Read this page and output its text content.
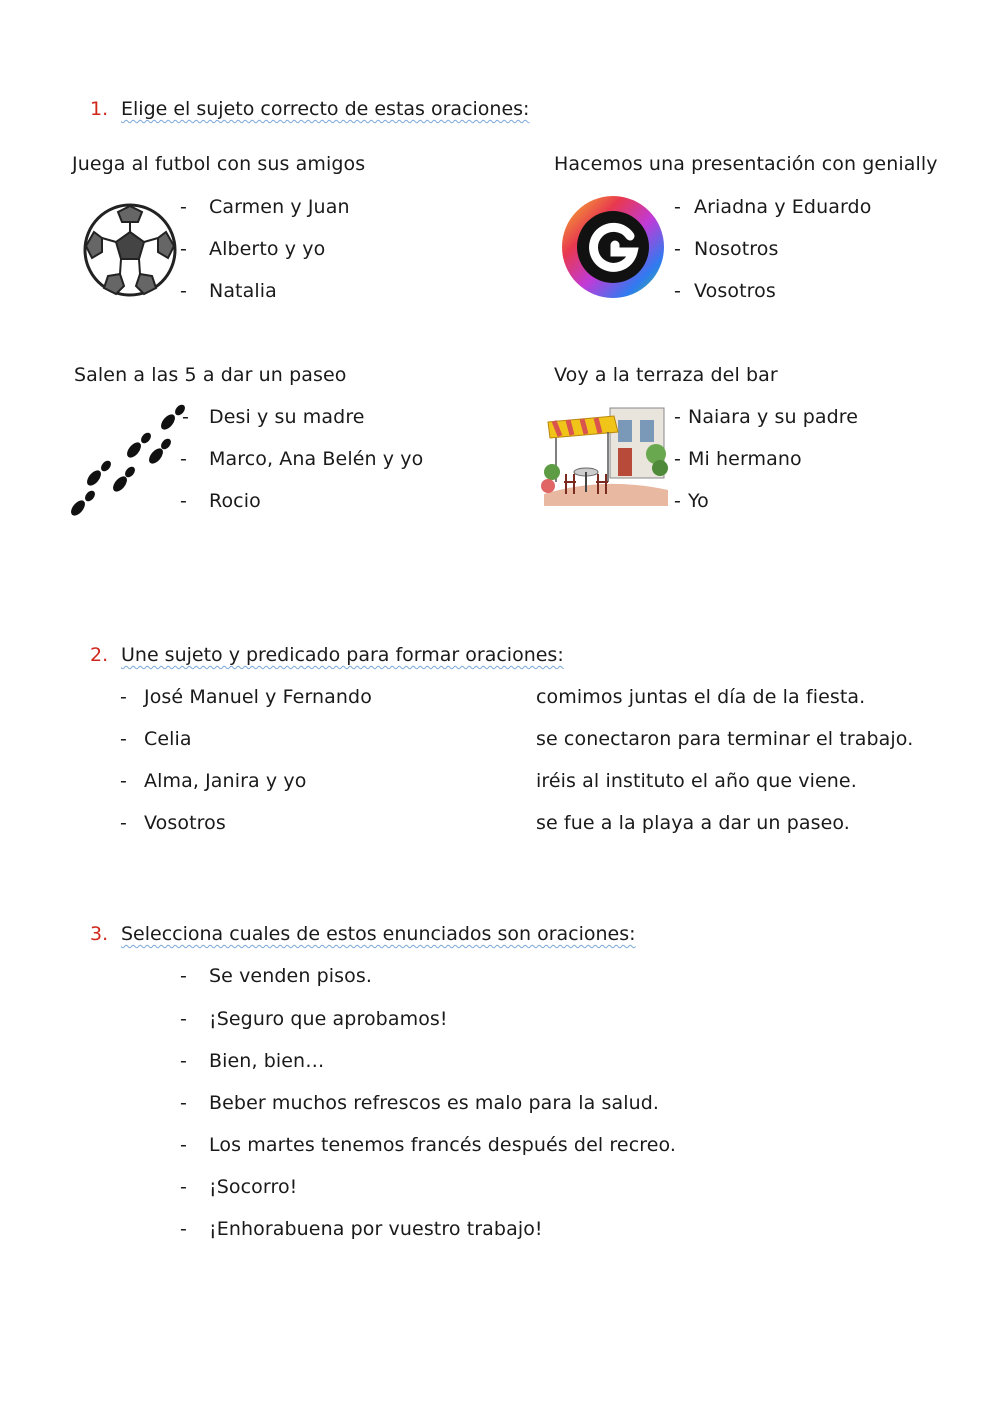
1. Elige el sujeto correcto de estas oraciones:
Juega al futbol con sus amigos
- Carmen y Juan
- Alberto y yo
- Natalia
Hacemos una presentación con genially
- Ariadna y Eduardo
- Nosotros
- Vosotros
Salen a las 5 a dar un paseo
- Desi y su madre
- Marco, Ana Belén y yo
- Rocio
Voy a la terraza del bar
- Naiara y su padre
- Mi hermano
- Yo
2. Une sujeto y predicado para formar oraciones:
- José Manuel y Fernando
- Celia
- Alma, Janira y yo
- Vosotros
comimos juntas el día de la fiesta.
se conectaron para terminar el trabajo.
iréis al instituto el año que viene.
se fue a la playa a dar un paseo.
3. Selecciona cuales de estos enunciados son oraciones:
- Se venden pisos.
- ¡Seguro que aprobamos!
- Bien, bien…
- Beber muchos refrescos es malo para la salud.
- Los martes tenemos francés después del recreo.
- ¡Socorro!
- ¡Enhorabuena por vuestro trabajo!
